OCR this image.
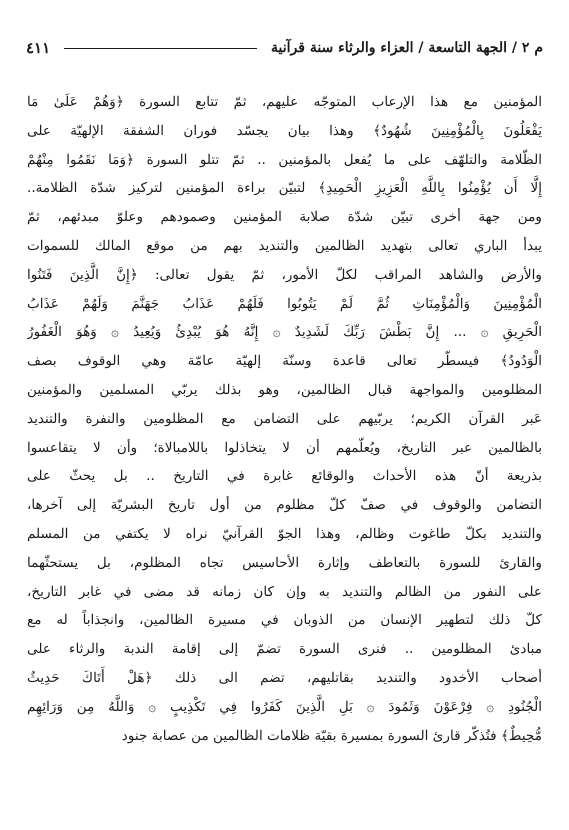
٤١١	م ٢ / الجهة التاسعة / العزاء والرثاء سنة قرآنية
المؤمنين مع هذا الإرعاب المتوجّه عليهم، ثمّ تتابع السورة ﴿وَهُمْ عَلَىٰ مَا
يَفْعَلُونَ بِالْمُؤْمِنِينَ شُهُودٌ﴾ وهذا بيان يجسّد فوران الشفقة الإلهيّة على
الظّلامة والتلهّف على ما يُفعل بالمؤمنين .. ثمّ تتلو السورة ﴿وَمَا نَقَمُوا مِنْهُمْ
إِلَّا أَن يُؤْمِنُوا بِاللَّهِ الْعَزِيزِ الْحَمِيدِ﴾ لتبيّن براءة المؤمنين لتركيز شدّة الظلامة..
ومن جهة أخرى تبيّن شدّة صلابة المؤمنين وصمودهم وعلوّ مبدئهم، ثمّ
يبدأ الباري تعالى بتهديد الظالمين والتنديد بهم من موقع المالك للسموات
والأرض والشاهد المراقب لكلّ الأمور، ثمّ يقول تعالى: ﴿إِنَّ الَّذِينَ فَتَنُوا
الْمُؤْمِنِينَ وَالْمُؤْمِنَاتِ ثُمَّ لَمْ يَتُوبُوا فَلَهُمْ عَذَابُ جَهَنَّمَ وَلَهُمْ عَذَابُ
الْحَرِيقِ ۞ ... إِنَّ بَطْشَ رَبِّكَ لَشَدِيدٌ ۞ إِنَّهُ هُوَ يُبْدِئُ وَيُعِيدُ ۞ وَهُوَ الْغَفُورُ
الْوَدُودُ﴾ فيسطّر تعالى قاعدة وسنّة إلهيّة عامّة وهي الوقوف بصف
المظلومين والمواجهة قبال الظالمين، وهو بذلك يربّي المسلمين والمؤمنين
عَبر القرآن الكريم؛ يربّيهم على التضامن مع المظلومين والنفرة والتنديد
بالظالمين عبر التاريخ، ويُعلّمهم أن لا يتخاذلوا باللامبالاة؛ وأن لا يتقاعسوا
بذريعة أنّ هذه الأحداث والوقائع غابرة في التاريخ .. بل يحثّ على
التضامن والوقوف في صفّ كلّ مظلوم من أول تاريخ البشريّة إلى آخرها،
والتنديد بكلّ طاغوت وظالم، وهذا الجوّ القرآنيّ نراه لا يكتفي من المسلم
والقارئ للسورة بالتعاطف وإثارة الأحاسيس تجاه المظلوم، بل يستحثّهما
على النفور من الظالم والتنديد به وإن كان زمانه قد مضى في غابر التاريخ،
كلّ ذلك لتطهير الإنسان من الذوبان في مسيرة الظالمين، وانجذاباً له مع
مبادئ المظلومين .. فنرى السورة تضمّ إلى إقامة الندبة والرثاء على
أصحاب الأخدود والتنديد بقاتليهم، تضم الى ذلك ﴿هَلْ أَتَاكَ حَدِيثُ
الْجُنُودِ ۞ فِرْعَوْنَ وَثَمُودَ ۞ بَلِ الَّذِينَ كَفَرُوا فِي تَكْذِيبٍ ۞ وَاللَّهُ مِن وَرَائِهِم
مُّحِيطٌ﴾ فتُذكّر قارئ السورة بمسيرة بقيّة ظلامات الظالمين من عصابة جنود
